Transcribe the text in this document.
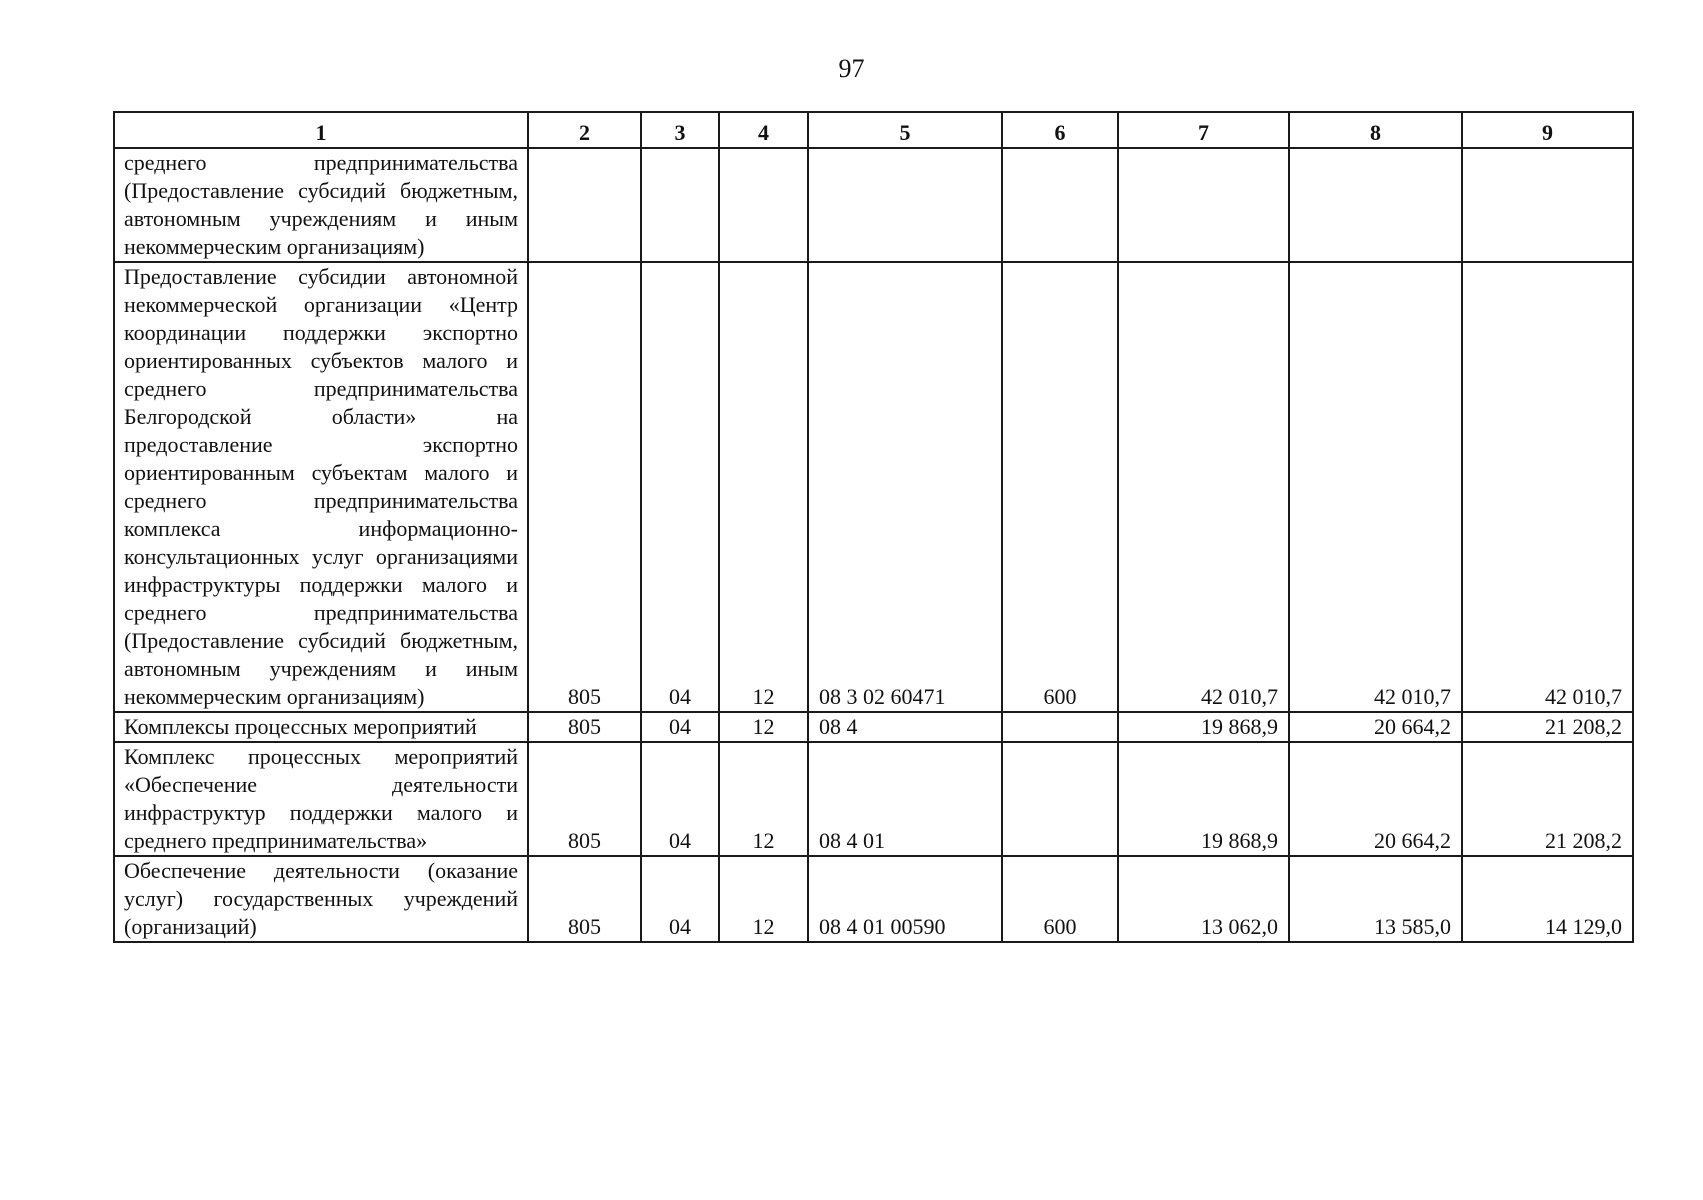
97
1	2	3	4	5	6	7	8	9
среднего предпринимательства (Предоставление субсидий бюджетным, автономным учреждениям и иным некоммерческим организациям)								
Предоставление субсидии автономной некоммерческой организации «Центр координации поддержки экспортно ориентированных субъектов малого и среднего предпринимательства Белгородской области» на предоставление экспортно ориентированным субъектам малого и среднего предпринимательства комплекса информационно-консультационных услуг организациями инфраструктуры поддержки малого и среднего предпринимательства (Предоставление субсидий бюджетным, автономным учреждениям и иным некоммерческим организациям)	805	04	12	08 3 02 60471	600	42 010,7	42 010,7	42 010,7
Комплексы процессных мероприятий	805	04	12	08 4		19 868,9	20 664,2	21 208,2
Комплекс процессных мероприятий «Обеспечение деятельности инфраструктур поддержки малого и среднего предпринимательства»	805	04	12	08 4 01		19 868,9	20 664,2	21 208,2
Обеспечение деятельности (оказание услуг) государственных учреждений (организаций)	805	04	12	08 4 01 00590	600	13 062,0	13 585,0	14 129,0
